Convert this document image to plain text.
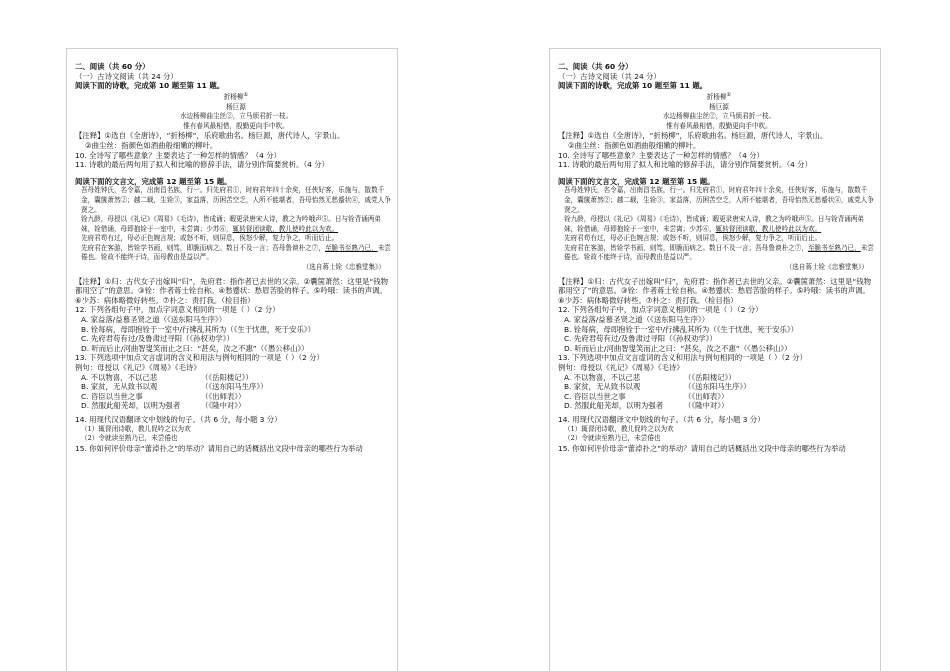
二、阅读（共 60 分）
（一）古诗文阅读（共 24 分）
阅读下面的诗歌，完成第 10 题至第 11 题。
折杨柳①
杨巨源
水边杨柳曲尘丝②，立马烦君折一枝。
惟有春风最相惜，殷勤更向手中吹。
【注释】①选自《全唐诗》，“折杨柳”，乐府歌曲名。杨巨源，唐代诗人，字景山。
②曲尘丝：指颜色如酒曲般细嫩的柳叶。
10. 全诗写了哪些意象？主要表达了一种怎样的情感？（4 分）
11. 诗歌的最后两句用了拟人和比喻的修辞手法，请分别作简要赏析。（4 分）
阅读下面的文言文，完成第 12 题至第 15 题。
吾母姓钟氏，名令嘉，出南昌名族，行一。归先府君①，时府君年四十余矣，任侠好客，乐施与，散数千金，囊箧萧然②；越二载，生铨③，家益落，历困苦空乏，人所不能堪者，吾母怡然无愁蹙状④，戚党人争贤之。
铨九龄，母授以《礼记》《周易》《毛诗》，皆成诵；暇更录唐宋人诗，教之为吟哦声⑤。日与铨背诵两弟妹，铨借诵，母即抱铨于一室中，未尝离；少苏⑥，辄转督闭读歌，教儿使吟此以为欢。
先府君苟有过，母必正色婉言规；或怒不听，则屏息，俟怒少解，复力争之，听而后止。
先府君在客游，皆铨学书画，则笃，即脆而病之。数日不及一言；吾母鲁谀朴之⑦，至脆书至熟乃已，未尝倦也。铨故不能终于诗，而母教由是益以严。
（选自蒋士铨《忠雅堂集》）
【注释】①归：古代女子出嫁叫“归”，先府君：指作者已去世的父亲。②囊箧萧然：这里是“钱物都用空了”的意思。③铨：作者蒋士铨自称。④愁蹙状：愁眉苦脸的样子。⑤吟哦：读书的声调。⑥少苏：病体略微好转些。⑦朴之：责打我。（检目指）
12. 下列各组句子中，加点字词意义相同的一项是（ ）（2 分）
A. 家益落/益慕圣贤之道（《送东阳马生序》）
B. 铨每病，母即抱铨于一室中/行拂乱其所为（《生于忧患，死于安乐》）
C. 先府君苟有过/及鲁肃过寻阳（《孙权劝学》）
D. 听而后止/河曲智叟笑而止之曰：“甚矣，汝之不惠”（《愚公移山》）
13. 下列选项中加点文言虚词的含义和用法与例句相同的一项是（ ）（2 分）
例句：母授以《礼记》《周易》《毛诗》
A. 不以物喜，不以己悲	（《岳阳楼记》）
B. 家贫，无从致书以观	（《送东阳马生序》）
C. 咨臣以当世之事	（《出师表》）
D. 然服此船芜却，以明为强者	（《隆中对》）
14. 用现代汉语翻译文中划线的句子。（共 6 分，每小题 3 分）
（1）辄督闭诗歌，教儿促吟之以为欢
（2）令就读至熟乃已，未尝倦也
15. 你如何评价母亲“蕾淖扑之”的举动？请用自己的话概括出文段中母亲的哪些行为举动
二、阅读（共 60 分）
（一）古诗文阅读（共 24 分）
阅读下面的诗歌，完成第 10 题至第 11 题。
折杨柳①
杨巨源
水边杨柳曲尘丝②，立马烦君折一枝。
惟有春风最相惜，殷勤更向手中吹。
【注释】①选自《全唐诗》，“折杨柳”，乐府歌曲名。杨巨源，唐代诗人，字景山。
②曲尘丝：指颜色如酒曲般细嫩的柳叶。
10. 全诗写了哪些意象？主要表达了一种怎样的情感？（4 分）
11. 诗歌的最后两句用了拟人和比喻的修辞手法，请分别作简要赏析。（4 分）
阅读下面的文言文，完成第 12 题至第 15 题。
吾母姓钟氏，名令嘉，出南昌名族，行一。归先府君①，时府君年四十余矣，任侠好客，乐施与，散数千金，囊箧萧然②；越二载，生铨③，家益落，历困苦空乏，人所不能堪者，吾母怡然无愁蹙状④，戚党人争贤之。
铨九龄，母授以《礼记》《周易》《毛诗》，皆成诵；暇更录唐宋人诗，教之为吟哦声⑤。日与铨背诵两弟妹，铨借诵，母即抱铨于一室中，未尝离；少苏⑥，辄转督闭读歌，教儿使吟此以为欢。
先府君苟有过，母必正色婉言规；或怒不听，则屏息，俟怒少解，复力争之，听而后止。
先府君在客游，皆铨学书画，则笃，即脆而病之。数日不及一言；吾母鲁谀朴之⑦，至脆书至熟乃已，未尝倦也。铨故不能终于诗，而母教由是益以严。
（选自蒋士铨《忠雅堂集》）
【注释】①归：古代女子出嫁叫“归”，先府君：指作者已去世的父亲。②囊箧萧然：这里是“钱物都用空了”的意思。③铨：作者蒋士铨自称。④愁蹙状：愁眉苦脸的样子。⑤吟哦：读书的声调。⑥少苏：病体略微好转些。⑦朴之：责打我。（检目指）
12. 下列各组句子中，加点字词意义相同的一项是（ ）（2 分）
A. 家益落/益慕圣贤之道（《送东阳马生序》）
B. 铨每病，母即抱铨于一室中/行拂乱其所为（《生于忧患，死于安乐》）
C. 先府君苟有过/及鲁肃过寻阳（《孙权劝学》）
D. 听而后止/河曲智叟笑而止之曰：“甚矣，汝之不惠”（《愚公移山》）
13. 下列选项中加点文言虚词的含义和用法与例句相同的一项是（ ）（2 分）
例句：母授以《礼记》《周易》《毛诗》
A. 不以物喜，不以己悲	（《岳阳楼记》）
B. 家贫，无从致书以观	（《送东阳马生序》）
C. 咨臣以当世之事	（《出师表》）
D. 然服此船芜却，以明为强者	（《隆中对》）
14. 用现代汉语翻译文中划线的句子。（共 6 分，每小题 3 分）
（1）辄督闭诗歌，教儿促吟之以为欢
（2）令就读至熟乃已，未尝倦也
15. 你如何评价母亲“蕾淖扑之”的举动？请用自己的话概括出文段中母亲的哪些行为举动
